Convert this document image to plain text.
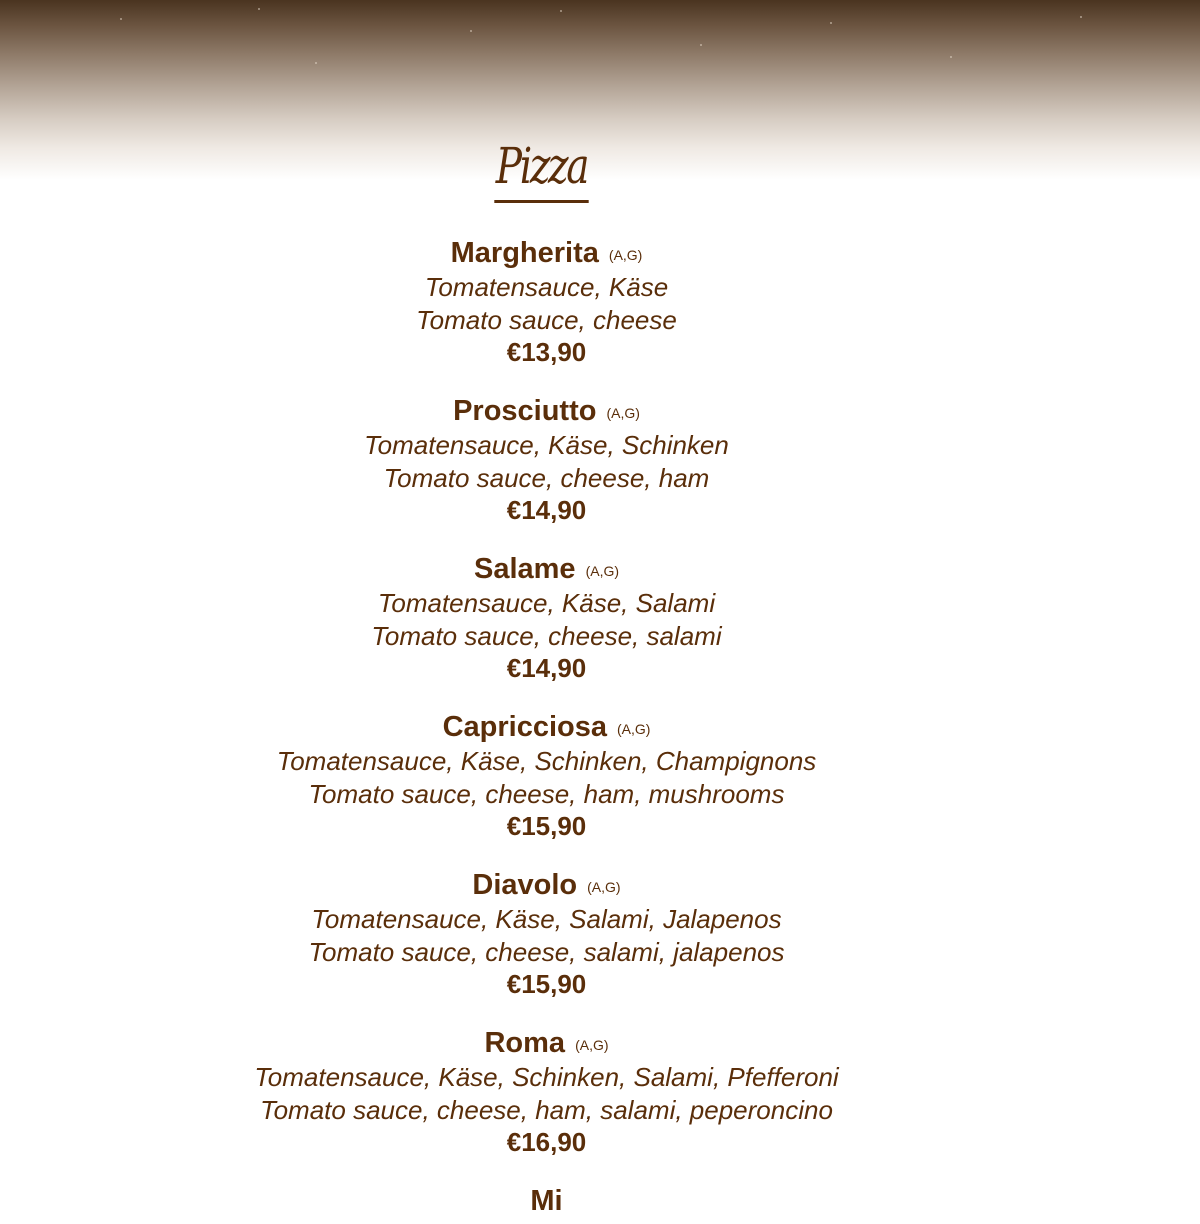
Pizza
Margherita (A,G)
Tomatensauce, Käse
Tomato sauce, cheese
€13,90
Prosciutto (A,G)
Tomatensauce, Käse, Schinken
Tomato sauce, cheese, ham
€14,90
Salame (A,G)
Tomatensauce, Käse, Salami
Tomato sauce, cheese, salami
€14,90
Capricciosa (A,G)
Tomatensauce, Käse, Schinken, Champignons
Tomato sauce, cheese, ham, mushrooms
€15,90
Diavolo (A,G)
Tomatensauce, Käse, Salami, Jalapenos
Tomato sauce, cheese, salami, jalapenos
€15,90
Roma (A,G)
Tomatensauce, Käse, Schinken, Salami, Pfefferoni
Tomato sauce, cheese, ham, salami, peperoncino
€16,90
Mi
